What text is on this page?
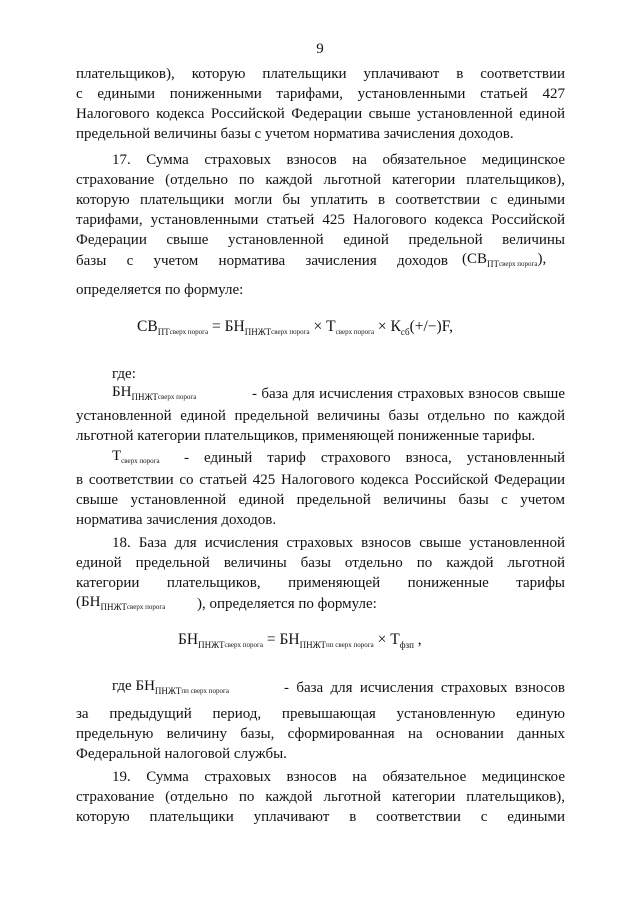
9
плательщиков), которую плательщики уплачивают в соответствии
с едиными пониженными тарифами, установленными статьей 427
Налогового кодекса Российской Федерации свыше установленной единой
предельной величины базы с учетом норматива зачисления доходов.
17. Сумма страховых взносов на обязательное медицинское
страхование (отдельно по каждой льготной категории плательщиков),
которую плательщики могли бы уплатить в соответствии с едиными
тарифами, установленными статьей 425 Налогового кодекса Российской
Федерации свыше установленной единой предельной величины
базы с учетом норматива зачисления доходов $(СВ_{ПТсверх порога})$,
определяется по формуле:
$СВ_{ПТсверх порога} = БН_{ПНЖТсверх порога} \times Т_{сверх порога} \times К_{сб}(+/-)F$,
где:
$БН_{ПНЖТсверх порога}$	- база для исчисления страховых взносов свыше
установленной единой предельной величины базы отдельно по каждой
льготной категории плательщиков, применяющей пониженные тарифы.
$Т_{сверх порога}$ - единый тариф страхового взноса, установленный
в соответствии со статьей 425 Налогового кодекса Российской Федерации
свыше установленной единой предельной величины базы с учетом
норматива зачисления доходов.
18. База для исчисления страховых взносов свыше установленной
единой предельной величины базы отдельно по каждой льготной
категории плательщиков, применяющей пониженные тарифы
($БН_{ПНЖТсверх порога}$ ), определяется по формуле:
$БН_{ПНЖТсверх порога} = БН_{ПНЖТпп сверх порога} \times Т_{фзп}$ ,
где $БН_{ПНЖТпп сверх порога}$	- база для исчисления страховых взносов
за предыдущий период, превышающая установленную единую
предельную величину базы, сформированная на основании данных
Федеральной налоговой службы.
19. Сумма страховых взносов на обязательное медицинское
страхование (отдельно по каждой льготной категории плательщиков),
которую плательщики уплачивают в соответствии с едиными
